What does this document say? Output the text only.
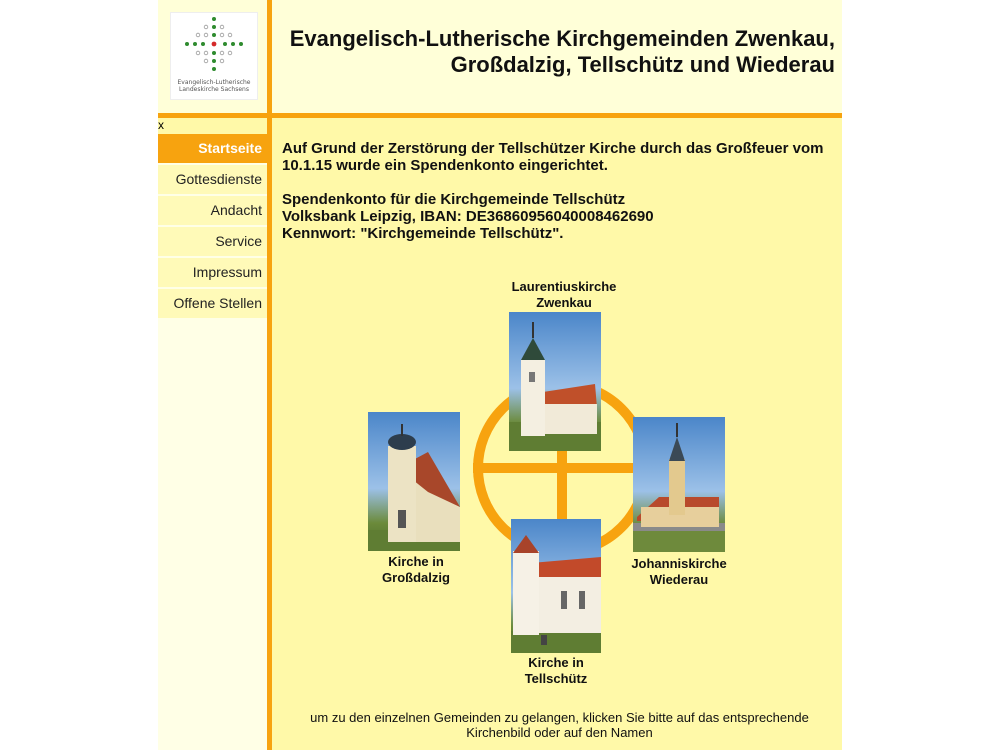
Evangelisch-Lutherische
Landeskirche Sachsens
Evangelisch-Lutherische Kirchgemeinden Zwenkau,
Großdalzig, Tellschütz und Wiederau
x
Startseite
Gottesdienste
Andacht
Service
Impressum
Offene Stellen

Auf Grund der Zerstörung der Tellschützer Kirche durch das Großfeuer vom
10.1.15 wurde ein Spendenkonto eingerichtet.

Spendenkonto für die Kirchgemeinde Tellschütz
Volksbank Leipzig, IBAN: DE36860956040008462690
Kennwort: "Kirchgemeinde Tellschütz".

Laurentiuskirche
Zwenkau
Kirche in
Großdalzig
Johanniskirche
Wiederau
Kirche in
Tellschütz
um zu den einzelnen Gemeinden zu gelangen, klicken Sie bitte auf das entsprechende
Kirchenbild oder auf den Namen
